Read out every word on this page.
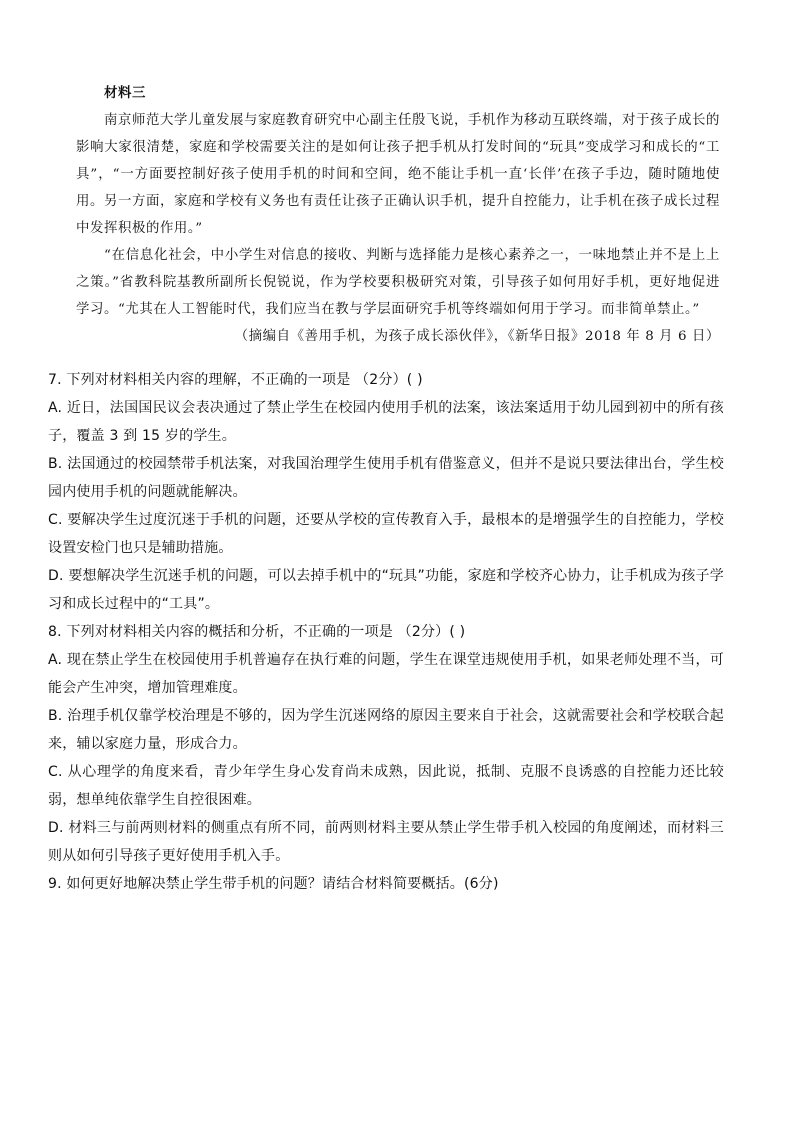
材料三

南京师范大学儿童发展与家庭教育研究中心副主任殷飞说，手机作为移动互联终端，对于孩子成长的影响大家很清楚，家庭和学校需要关注的是如何让孩子把手机从打发时间的“玩具”变成学习和成长的“工具”，“一方面要控制好孩子使用手机的时间和空间，绝不能让手机一直‘长伴’在孩子手边，随时随地使用。另一方面，家庭和学校有义务也有责任让孩子正确认识手机，提升自控能力，让手机在孩子成长过程中发挥积极的作用。”

“在信息化社会，中小学生对信息的接收、判断与选择能力是核心素养之一，一味地禁止并不是上上之策。”省教科院基教所副所长倪锐说，作为学校要积极研究对策，引导孩子如何用好手机，更好地促进学习。“尤其在人工智能时代，我们应当在教与学层面研究手机等终端如何用于学习。而非简单禁止。”

（摘编自《善用手机，为孩子成长添伙伴》，《新华日报》2018 年 8 月 6 日）

7. 下列对材料相关内容的理解，不正确的一项是 （2分）( )

A. 近日，法国国民议会表决通过了禁止学生在校园内使用手机的法案，该法案适用于幼儿园到初中的所有孩子，覆盖 3 到 15 岁的学生。

B. 法国通过的校园禁带手机法案，对我国治理学生使用手机有借鉴意义，但并不是说只要法律出台，学生校园内使用手机的问题就能解决。

C. 要解决学生过度沉迷于手机的问题，还要从学校的宣传教育入手，最根本的是增强学生的自控能力，学校设置安检门也只是辅助措施。

D. 要想解决学生沉迷手机的问题，可以去掉手机中的“玩具”功能，家庭和学校齐心协力，让手机成为孩子学习和成长过程中的“工具”。

8. 下列对材料相关内容的概括和分析，不正确的一项是 （2分）( )

A. 现在禁止学生在校园使用手机普遍存在执行难的问题，学生在课堂违规使用手机，如果老师处理不当，可能会产生冲突，增加管理难度。

B. 治理手机仅靠学校治理是不够的，因为学生沉迷网络的原因主要来自于社会，这就需要社会和学校联合起来，辅以家庭力量，形成合力。

C. 从心理学的角度来看，青少年学生身心发育尚未成熟，因此说，抵制、克服不良诱惑的自控能力还比较弱，想单纯依靠学生自控很困难。

D. 材料三与前两则材料的侧重点有所不同，前两则材料主要从禁止学生带手机入校园的角度阐述，而材料三则从如何引导孩子更好使用手机入手。

9. 如何更好地解决禁止学生带手机的问题？请结合材料简要概括。(6分)
